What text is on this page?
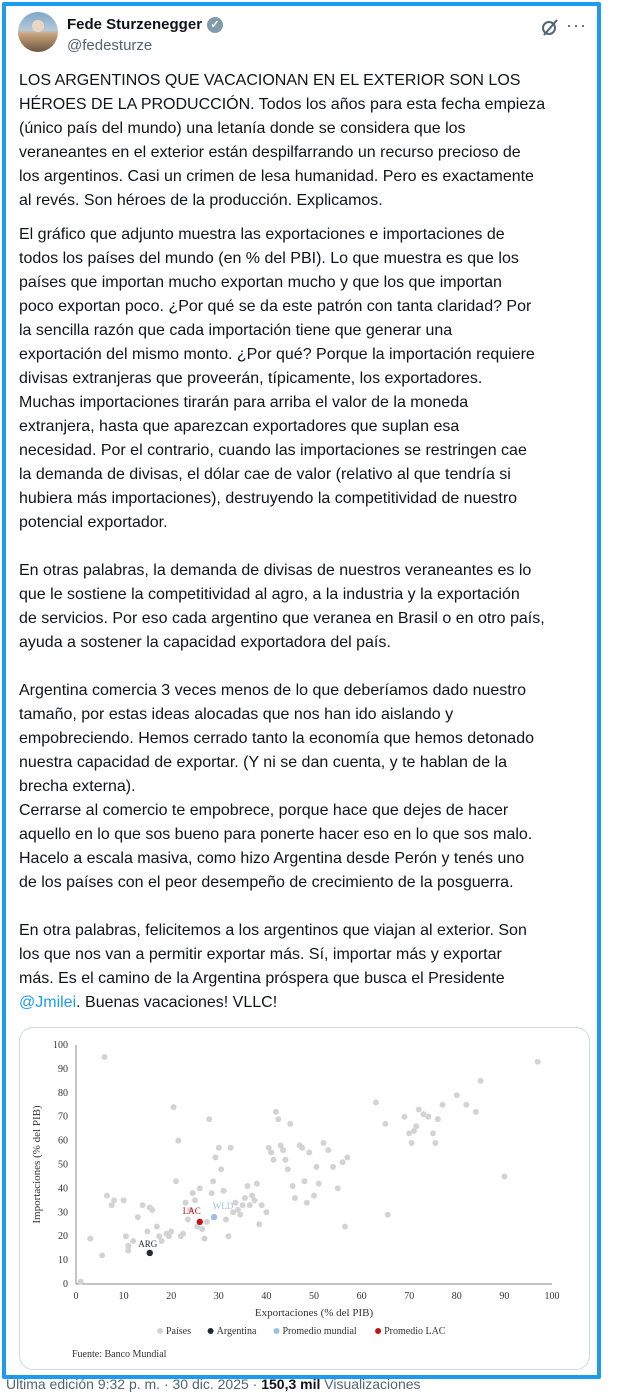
Fede Sturzenegger ✓
@fedesturze
···

LOS ARGENTINOS QUE VACACIONAN EN EL EXTERIOR SON LOS
HÉROES DE LA PRODUCCIÓN. Todos los años para esta fecha empieza
(único país del mundo) una letanía donde se considera que los
veraneantes en el exterior están despilfarrando un recurso precioso de
los argentinos. Casi un crimen de lesa humanidad. Pero es exactamente
al revés. Son héroes de la producción. Explicamos.

El gráfico que adjunto muestra las exportaciones e importaciones de
todos los países del mundo (en % del PBI). Lo que muestra es que los
países que importan mucho exportan mucho y que los que importan
poco exportan poco. ¿Por qué se da este patrón con tanta claridad? Por
la sencilla razón que cada importación tiene que generar una
exportación del mismo monto. ¿Por qué? Porque la importación requiere
divisas extranjeras que proveerán, típicamente, los exportadores.
Muchas importaciones tirarán para arriba el valor de la moneda
extranjera, hasta que aparezcan exportadores que suplan esa
necesidad. Por el contrario, cuando las importaciones se restringen cae
la demanda de divisas, el dólar cae de valor (relativo al que tendría si
hubiera más importaciones), destruyendo la competitividad de nuestro
potencial exportador.

En otras palabras, la demanda de divisas de nuestros veraneantes es lo
que le sostiene la competitividad al agro, a la industria y la exportación
de servicios. Por eso cada argentino que veranea en Brasil o en otro país,
ayuda a sostener la capacidad exportadora del país.

Argentina comercia 3 veces menos de lo que deberíamos dado nuestro
tamaño, por estas ideas alocadas que nos han ido aislando y
empobreciendo. Hemos cerrado tanto la economía que hemos detonado
nuestra capacidad de exportar. (Y ni se dan cuenta, y te hablan de la
brecha externa).
Cerrarse al comercio te empobrece, porque hace que dejes de hacer
aquello en lo que sos bueno para ponerte hacer eso en lo que sos malo.
Hacelo a escala masiva, como hizo Argentina desde Perón y tenés uno
de los países con el peor desempeño de crecimiento de la posguerra.

En otra palabras, felicitemos a los argentinos que viajan al exterior. Son
los que nos van a permitir exportar más. Sí, importar más y exportar
más. Es el camino de la Argentina próspera que busca el Presidente
@Jmilei. Buenas vacaciones! VLLC!

0	10	20	30	40	50	60	70	80	90	100
0
10
20
30
40
50
60
70
80
90
100
Exportaciones (% del PIB)
Importaciones (% del PIB)
ARG
LAC WLD
Países	Argentina	Promedio mundial	Promedio LAC
Fuente: Banco Mundial
Última edición 9:32 p. m. · 30 dic. 2025 · 150,3 mil Visualizaciones
